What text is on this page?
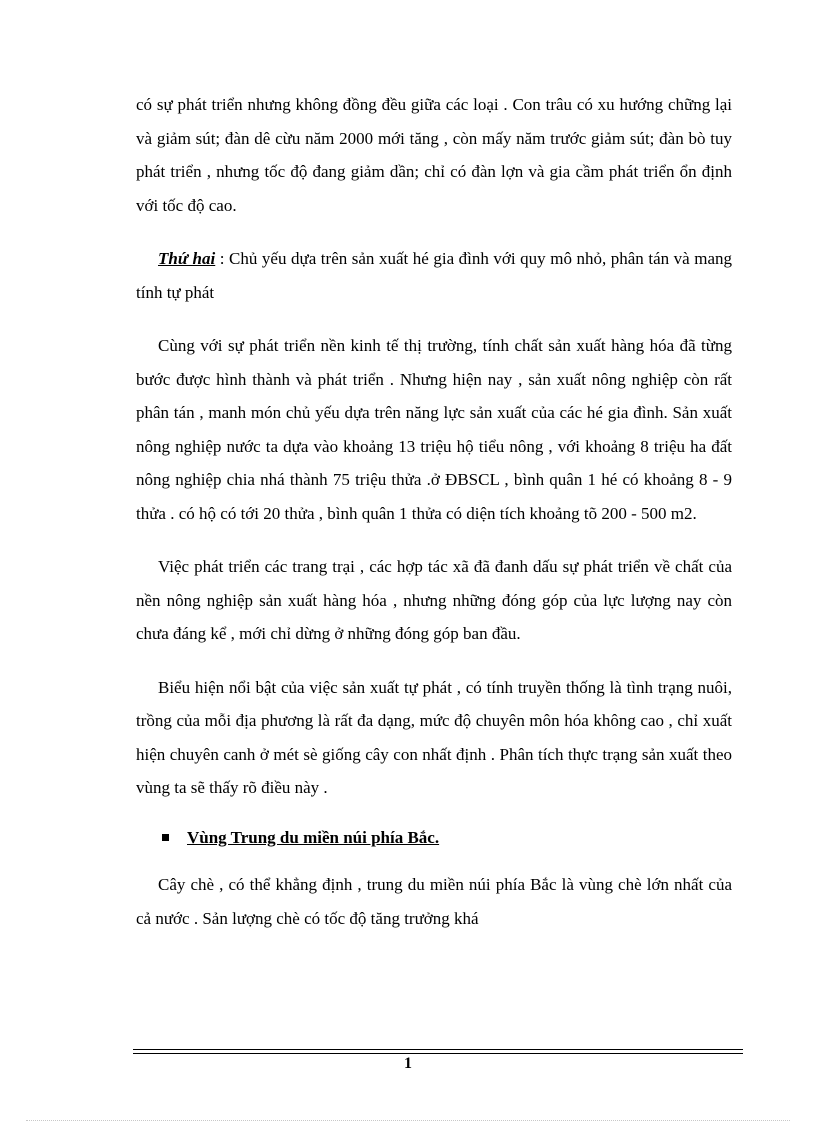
có sự phát triển nhưng không đồng đều giữa các loại . Con trâu có xu hướng chững lại và giảm sút; đàn dê cừu năm 2000 mới tăng , còn mấy năm trước giảm sút; đàn bò tuy phát triển , nhưng tốc độ đang giảm dần; chỉ có đàn lợn và gia cầm phát triển ổn định với tốc độ cao.

Thứ hai : Chủ yếu dựa trên sản xuất hé gia đình với quy mô nhỏ, phân tán và mang tính tự phát

Cùng với sự phát triển nền kinh tế thị trường, tính chất sản xuất hàng hóa đã từng bước được hình thành và phát triển . Nhưng hiện nay , sản xuất nông nghiệp còn rất phân tán , manh món chủ yếu dựa trên năng lực sản xuất của các hé gia đình. Sản xuất nông nghiệp nước ta dựa vào khoảng 13 triệu hộ tiểu nông , với khoảng 8 triệu ha đất nông nghiệp chia nhá thành 75 triệu thửa .ở ĐBSCL , bình quân 1 hé có khoảng 8 - 9 thửa . có hộ có tới 20 thửa , bình quân 1 thửa có diện tích khoảng tõ 200 - 500 m2.

Việc phát triển các trang trại , các hợp tác xã đã đanh dấu sự phát triển về chất của nền nông nghiệp sản xuất hàng hóa , nhưng những đóng góp của lực lượng nay còn chưa đáng kể , mới chỉ dừng ở những đóng góp ban đầu.

Biểu hiện nổi bật của việc sản xuất tự phát , có tính truyền thống là tình trạng nuôi, trồng của mỗi địa phương là rất đa dạng, mức độ chuyên môn hóa không cao , chỉ xuất hiện chuyên canh ở mét sè giống cây con nhất định . Phân tích thực trạng sản xuất theo vùng ta sẽ thấy rõ điều này .

Vùng Trung du miền núi phía Bắc.

Cây chè , có thể khẳng định , trung du miền núi phía Bắc là vùng chè lớn nhất của cả nước . Sản lượng chè có tốc độ tăng trưởng khá

1
